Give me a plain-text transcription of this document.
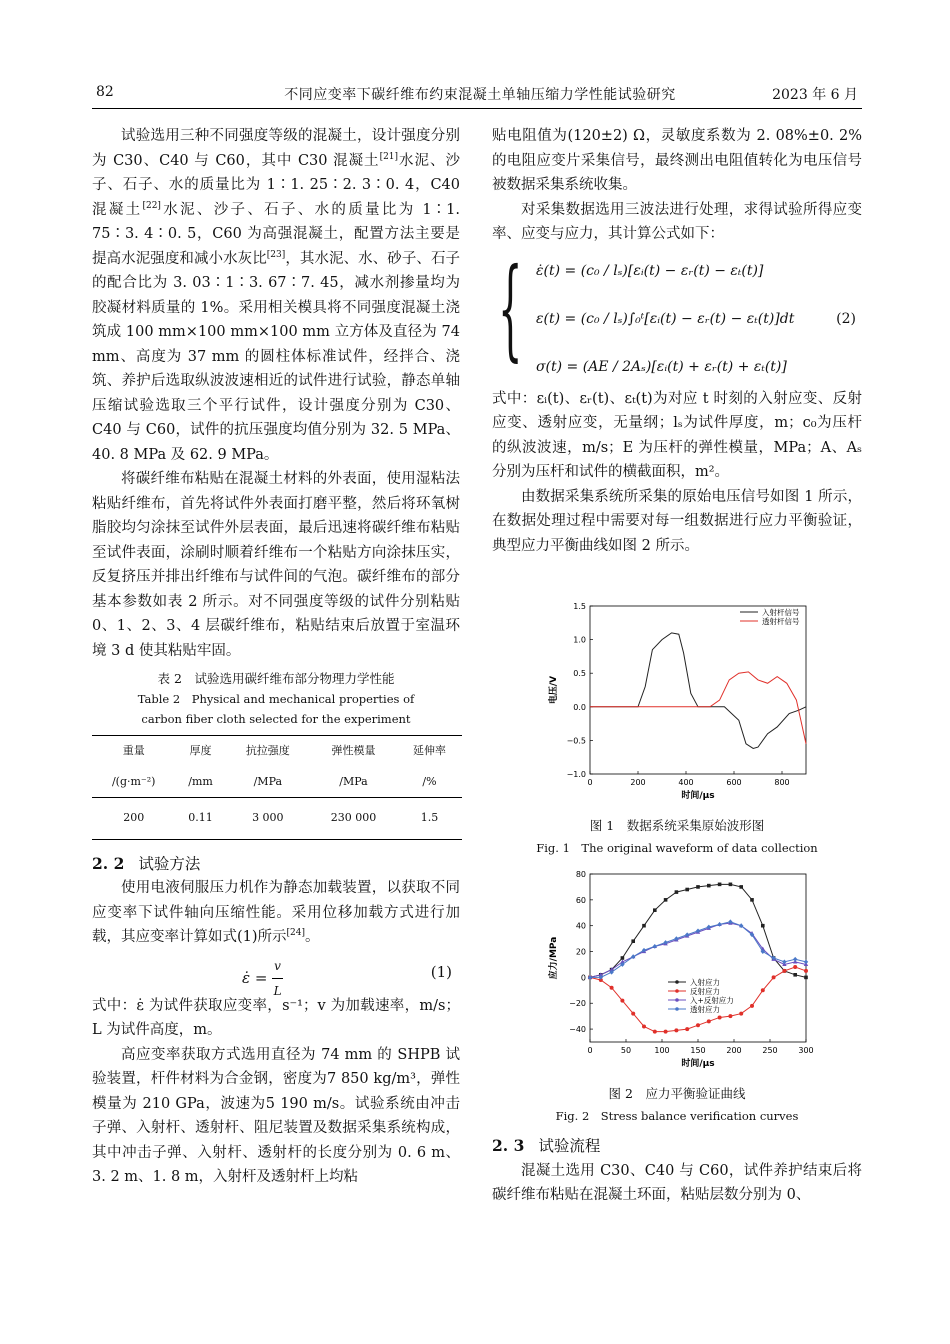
82	不同应变率下碳纤维布约束混凝土单轴压缩力学性能试验研究	2023 年 6 月

试验选用三种不同强度等级的混凝土，设计强度分别为 C30、C40 与 C60，其中 C30 混凝土[21]水泥、沙子、石子、水的质量比为 1∶1. 25∶2. 3∶0. 4，C40 混凝土[22]水泥、沙子、石子、水的质量比为 1∶1. 75∶3. 4∶0. 5，C60 为高强混凝土，配置方法主要是提高水泥强度和减小水灰比[23]，其水泥、水、砂子、石子的配合比为 3. 03∶1∶3. 67∶7. 45，减水剂掺量均为胶凝材料质量的 1%。采用相关模具将不同强度混凝土浇筑成 100 mm×100 mm×100 mm 立方体及直径为 74 mm、高度为 37 mm 的圆柱体标准试件，经拌合、浇筑、养护后选取纵波波速相近的试件进行试验，静态单轴压缩试验选取三个平行试件，设计强度分别为 C30、C40 与 C60，试件的抗压强度均值分别为 32. 5 MPa、40. 8 MPa 及 62. 9 MPa。

将碳纤维布粘贴在混凝土材料的外表面，使用湿粘法粘贴纤维布，首先将试件外表面打磨平整，然后将环氧树脂胶均匀涂抹至试件外层表面，最后迅速将碳纤维布粘贴至试件表面，涂刷时顺着纤维布一个粘贴方向涂抹压实，反复挤压并排出纤维布与试件间的气泡。碳纤维布的部分基本参数如表 2 所示。对不同强度等级的试件分别粘贴 0、1、2、3、4 层碳纤维布，粘贴结束后放置于室温环境 3 d 使其粘贴牢固。

表 2　试验选用碳纤维布部分物理力学性能
Table 2　Physical and mechanical properties of
carbon fiber cloth selected for the experiment
重量	厚度	抗拉强度	弹性模量	延伸率
/(g·m⁻²)	/mm	/MPa	/MPa	/%
200	0.11	3 000	230 000	1.5

2. 2 试验方法

使用电液伺服压力机作为静态加载装置，以获取不同应变率下试件轴向压缩性能。采用位移加载方式进行加载，其应变率计算如式(1)所示[24]。

ε̇ = $\frac{v}{L}$	(1)

式中：ε̇ 为试件获取应变率，s⁻¹；v 为加载速率，m/s；L 为试件高度，m。

高应变率获取方式选用直径为 74 mm 的 SHPB 试验装置，杆件材料为合金钢，密度为7 850 kg/m³，弹性模量为 210 GPa，波速为5 190 m/s。试验系统由冲击子弹、入射杆、透射杆、阻尼装置及数据采集系统构成，其中冲击子弹、入射杆、透射杆的长度分别为 0. 6 m、3. 2 m、1. 8 m，入射杆及透射杆上均粘

贴电阻值为(120±2) Ω，灵敏度系数为 2. 08%±0. 2%的电阻应变片采集信号，最终测出电阻值转化为电压信号被数据采集系统收集。

对采集数据选用三波法进行处理，求得试验所得应变率、应变与应力，其计算公式如下：

{ ε̇(t) = (c₀ / lₛ)[εᵢ(t) − εᵣ(t) − εₜ(t)]
ε(t) = (c₀ / lₛ)∫₀ᵗ[εᵢ(t) − εᵣ(t) − εₜ(t)]dt
σ(t) = (AE / 2Aₛ)[εᵢ(t) + εᵣ(t) + εₜ(t)]
(2)

式中：εᵢ(t)、εᵣ(t)、εₜ(t)为对应 t 时刻的入射应变、反射应变、透射应变，无量纲；lₛ为试件厚度，m；c₀为压杆的纵波波速，m/s；E 为压杆的弹性模量，MPa；A、Aₛ分别为压杆和试件的横截面积，m²。

由数据采集系统所采集的原始电压信号如图 1 所示，在数据处理过程中需要对每一组数据进行应力平衡验证，典型应力平衡曲线如图 2 所示。

0	200	400	600	800
1.5
1.0
0.5
0.0
−0.5
−1.0
时间/μs
电压/V
入射杆信号
透射杆信号
图 1　数据系统采集原始波形图
Fig. 1　The original waveform of data collection
0	50	100	150	200	250	300
80
60
40
20
0
−20
−40
时间/μs
应力/MPa
入射应力
反射应力
入+反射应力
透射应力
图 2　应力平衡验证曲线
Fig. 2　Stress balance verification curves

2. 3 试验流程

混凝土选用 C30、C40 与 C60，试件养护结束后将碳纤维布粘贴在混凝土环面，粘贴层数分别为 0、
